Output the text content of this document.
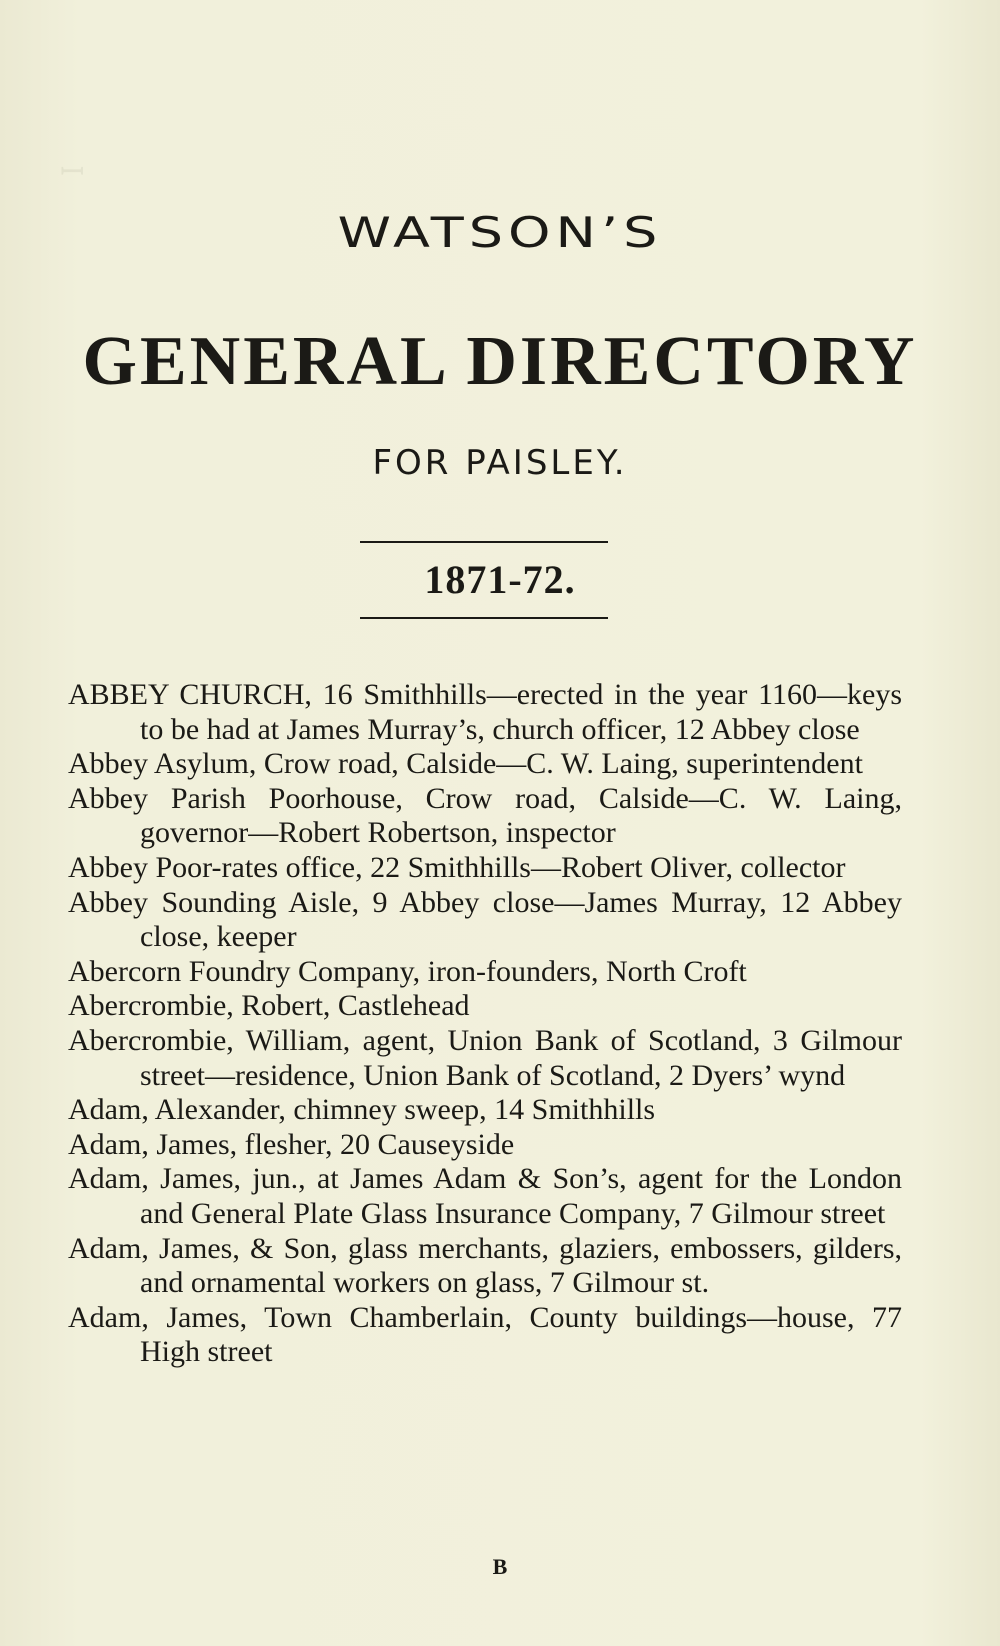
ꟷ
WATSON’S
GENERAL DIRECTORY
FOR PAISLEY.
1871-72.
ABBEY CHURCH, 16 Smithhills—erected in the year 1160—keys to be had at James Murray’s, church officer, 12 Abbey close
Abbey Asylum, Crow road, Calside—C. W. Laing, superintendent
Abbey Parish Poorhouse, Crow road, Calside—C. W. Laing, governor—Robert Robertson, inspector
Abbey Poor-rates office, 22 Smithhills—Robert Oliver, collector
Abbey Sounding Aisle, 9 Abbey close—James Murray, 12 Abbey close, keeper
Abercorn Foundry Company, iron-founders, North Croft
Abercrombie, Robert, Castlehead
Abercrombie, William, agent, Union Bank of Scotland, 3 Gilmour street—residence, Union Bank of Scotland, 2 Dyers’ wynd
Adam, Alexander, chimney sweep, 14 Smithhills
Adam, James, flesher, 20 Causeyside
Adam, James, jun., at James Adam & Son’s, agent for the London and General Plate Glass Insurance Company, 7 Gilmour street
Adam, James, & Son, glass merchants, glaziers, embossers, gilders, and ornamental workers on glass, 7 Gilmour st.
Adam, James, Town Chamberlain, County buildings—house, 77 High street
B
